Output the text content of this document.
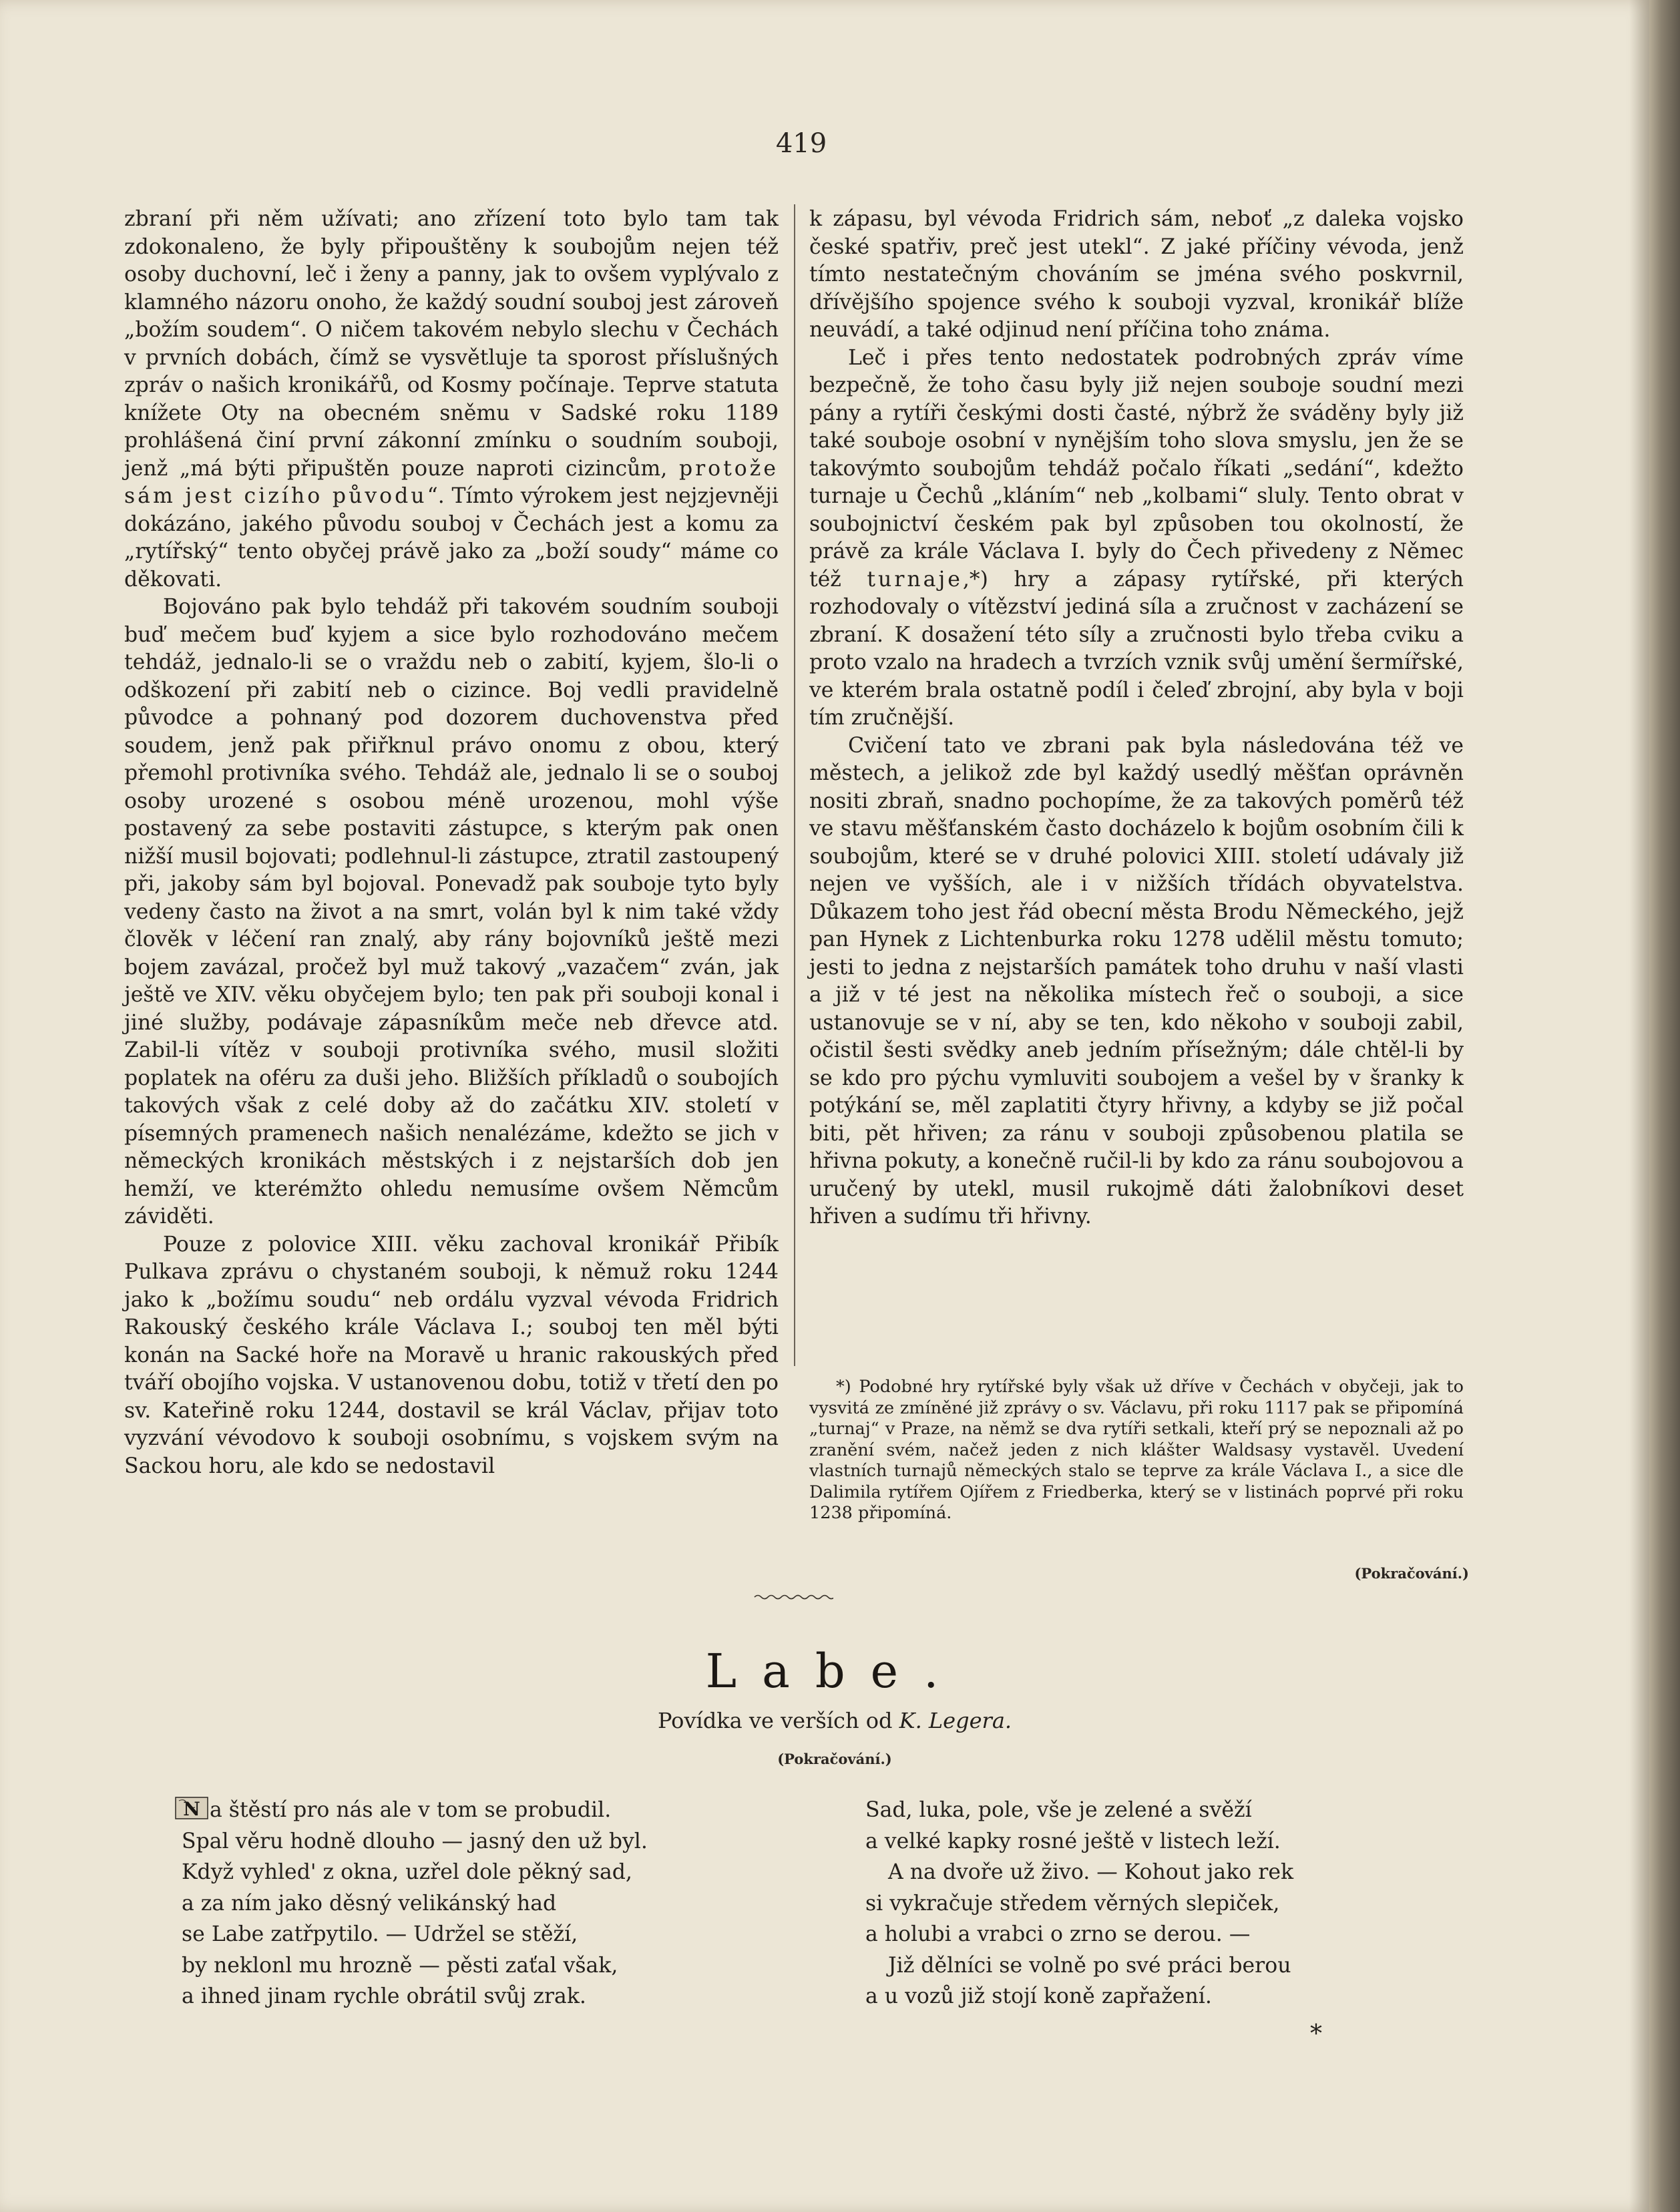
419

zbraní při něm užívati; ano zřízení toto bylo tam tak zdokonaleno, že byly připouštěny k soubojům nejen též osoby duchovní, leč i ženy a panny, jak to ovšem vyplývalo z klamného názoru onoho, že každý soudní souboj jest zároveň „božím soudem“. O ničem takovém nebylo slechu v Čechách v prvních dobách, čímž se vysvětluje ta sporost příslušných zpráv o našich kronikářů, od Kosmy počínaje. Teprve statuta knížete Oty na obecném sněmu v Sadské roku 1189 prohlášená činí první zákonní zmínku o soudním souboji, jenž „má býti připuštěn pouze naproti cizincům, protože sám jest cizího původu“. Tímto výrokem jest nejzjevněji dokázáno, jakého původu souboj v Čechách jest a komu za „rytířský“ tento obyčej právě jako za „boží soudy“ máme co děkovati.

Bojováno pak bylo tehdáž při takovém soudním souboji buď mečem buď kyjem a sice bylo rozhodováno mečem tehdáž, jednalo-li se o vraždu neb o zabití, kyjem, šlo-li o odškození při zabití neb o cizince. Boj vedli pravidelně původce a pohnaný pod dozorem duchovenstva před soudem, jenž pak přiřknul právo onomu z obou, který přemohl protivníka svého. Tehdáž ale, jednalo li se o souboj osoby urozené s osobou méně urozenou, mohl výše postavený za sebe postaviti zástupce, s kterým pak onen nižší musil bojovati; podlehnul-li zástupce, ztratil zastoupený při, jakoby sám byl bojoval. Ponevadž pak souboje tyto byly vedeny často na život a na smrt, volán byl k nim také vždy člověk v léčení ran znalý, aby rány bojovníků ještě mezi bojem zavázal, pročež byl muž takový „vazačem“ zván, jak ještě ve XIV. věku obyčejem bylo; ten pak při souboji konal i jiné služby, podávaje zápasníkům meče neb dřevce atd. Zabil-li vítěz v souboji protivníka svého, musil složiti poplatek na oféru za duši jeho. Bližších příkladů o soubojích takových však z celé doby až do začátku XIV. století v písemných pramenech našich nenalézáme, kdežto se jich v německých kronikách městských i z nejstarších dob jen hemží, ve kterémžto ohledu nemusíme ovšem Němcům záviděti.

Pouze z polovice XIII. věku zachoval kronikář Přibík Pulkava zprávu o chystaném souboji, k němuž roku 1244 jako k „božímu soudu“ neb ordálu vyzval vévoda Fridrich Rakouský českého krále Václava I.; souboj ten měl býti konán na Sacké hoře na Moravě u hranic rakouských před tváří obojího vojska. V ustanovenou dobu, totiž v třetí den po sv. Kateřině roku 1244, dostavil se král Václav, přijav toto vyzvání vévodovo k souboji osobnímu, s vojskem svým na Sackou horu, ale kdo se nedostavil

k zápasu, byl vévoda Fridrich sám, neboť „z daleka vojsko české spatřiv, preč jest utekl“. Z jaké příčiny vévoda, jenž tímto nestatečným chováním se jména svého poskvrnil, dřívějšího spojence svého k souboji vyzval, kronikář blíže neuvádí, a také odjinud není příčina toho známa.

Leč i přes tento nedostatek podrobných zpráv víme bezpečně, že toho času byly již nejen souboje soudní mezi pány a rytíři českými dosti časté, nýbrž že sváděny byly již také souboje osobní v nynějším toho slova smyslu, jen že se takovýmto soubojům tehdáž počalo říkati „sedání“, kdežto turnaje u Čechů „kláním“ neb „kolbami“ sluly. Tento obrat v soubojnictví českém pak byl způsoben tou okolností, že právě za krále Václava I. byly do Čech přivedeny z Němec též turnaje,*) hry a zápasy rytířské, při kterých rozhodovaly o vítězství jediná síla a zručnost v zacházení se zbraní. K dosažení této síly a zručnosti bylo třeba cviku a proto vzalo na hradech a tvrzích vznik svůj umění šermířské, ve kterém brala ostatně podíl i čeleď zbrojní, aby byla v boji tím zručnější.

Cvičení tato ve zbrani pak byla následována též ve městech, a jelikož zde byl každý usedlý měšťan oprávněn nositi zbraň, snadno pochopíme, že za takových poměrů též ve stavu měšťanském často docházelo k bojům osobním čili k soubojům, které se v druhé polovici XIII. století udávaly již nejen ve vyšších, ale i v nižších třídách obyvatelstva. Důkazem toho jest řád obecní města Brodu Německého, jejž pan Hynek z Lichtenburka roku 1278 udělil městu tomuto; jesti to jedna z nejstarších památek toho druhu v naší vlasti a již v té jest na několika místech řeč o souboji, a sice ustanovuje se v ní, aby se ten, kdo někoho v souboji zabil, očistil šesti svědky aneb jedním přísežným; dále chtěl-li by se kdo pro pýchu vymluviti soubojem a vešel by v šranky k potýkání se, měl zaplatiti čtyry hřivny, a kdyby se již počal biti, pět hřiven; za ránu v souboji způsobenou platila se hřivna pokuty, a konečně ručil-li by kdo za ránu soubojovou a uručený by utekl, musil rukojmě dáti žalobníkovi deset hřiven a sudímu tři hřivny.

*) Podobné hry rytířské byly však už dříve v Čechách v obyčeji, jak to vysvitá ze zmíněné již zprávy o sv. Václavu, při roku 1117 pak se připomíná „turnaj“ v Praze, na němž se dva rytíři setkali, kteří prý se nepoznali až po zranění svém, načež jeden z nich klášter Waldsasy vystavěl. Uvedení vlastních turnajů německých stalo se teprve za krále Václava I., a sice dle Dalimila rytířem Ojířem z Friedberka, který se v listinách poprvé při roku 1238 připomíná.

(Pokračování.)
Labe.
Povídka ve verších od K. Legera.
(Pokračování.)
N a štěstí pro nás ale v tom se probudil.
Spal věru hodně dlouho — jasný den už byl.
Když vyhled' z okna, uzřel dole pěkný sad,
a za ním jako děsný velikánský had
se Labe zatřpytilo. — Udržel se stěží,
by neklonl mu hrozně — pěsti zaťal však,
a ihned jinam rychle obrátil svůj zrak.
Sad, luka, pole, vše je zelené a svěží
a velké kapky rosné ještě v listech leží.
A na dvoře už živo. — Kohout jako rek
si vykračuje středem věrných slepiček,
a holubi a vrabci o zrno se derou. —
Již dělníci se volně po své práci berou
a u vozů již stojí koně zapřažení.
*
